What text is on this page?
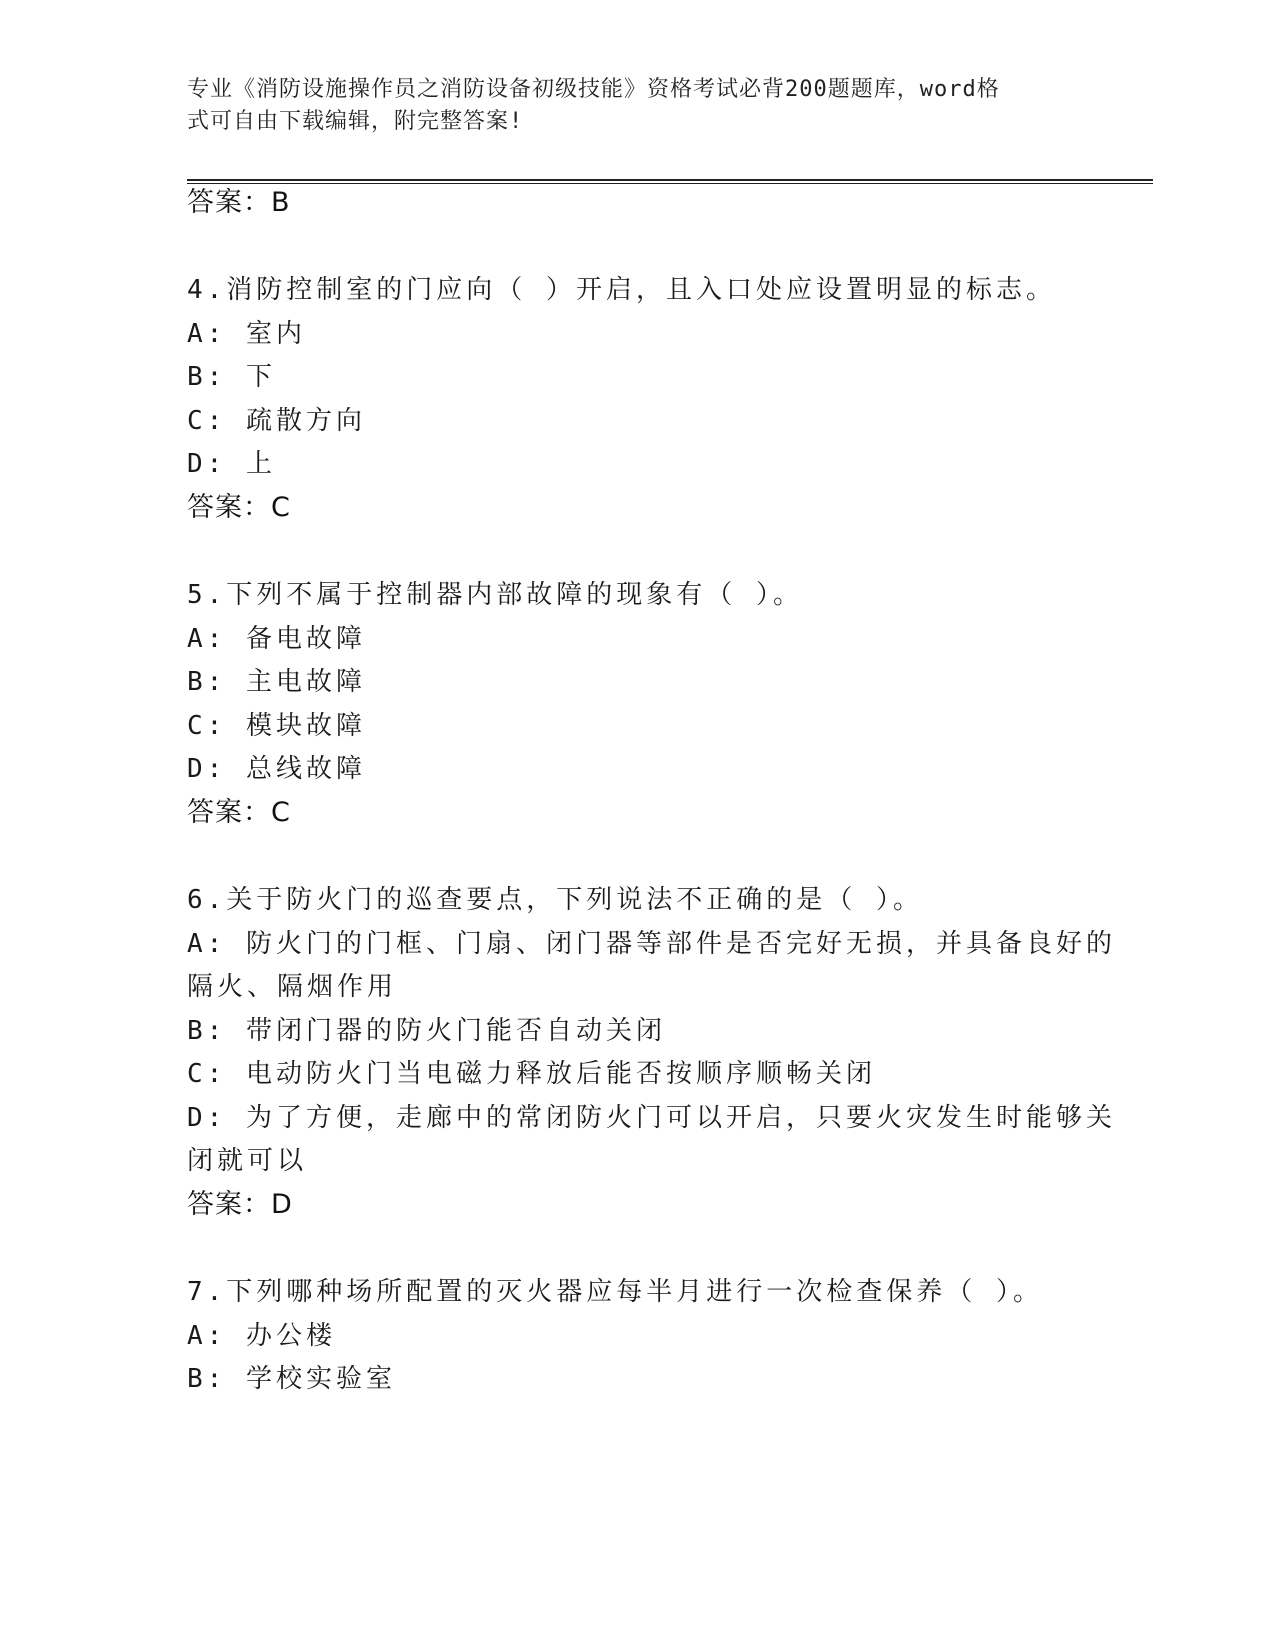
专业《消防设施操作员之消防设备初级技能》资格考试必背200题题库，word格
式可自由下载编辑，附完整答案!
答案：B
4.消防控制室的门应向（ ）开启，且入口处应设置明显的标志。
A: 室内
B: 下
C: 疏散方向
D: 上
答案：C
5.下列不属于控制器内部故障的现象有（ ）。
A: 备电故障
B: 主电故障
C: 模块故障
D: 总线故障
答案：C
6.关于防火门的巡查要点，下列说法不正确的是（ ）。
A: 防火门的门框、门扇、闭门器等部件是否完好无损，并具备良好的
隔火、隔烟作用
B: 带闭门器的防火门能否自动关闭
C: 电动防火门当电磁力释放后能否按顺序顺畅关闭
D: 为了方便，走廊中的常闭防火门可以开启，只要火灾发生时能够关
闭就可以
答案：D
7.下列哪种场所配置的灭火器应每半月进行一次检查保养（ ）。
A: 办公楼
B: 学校实验室
